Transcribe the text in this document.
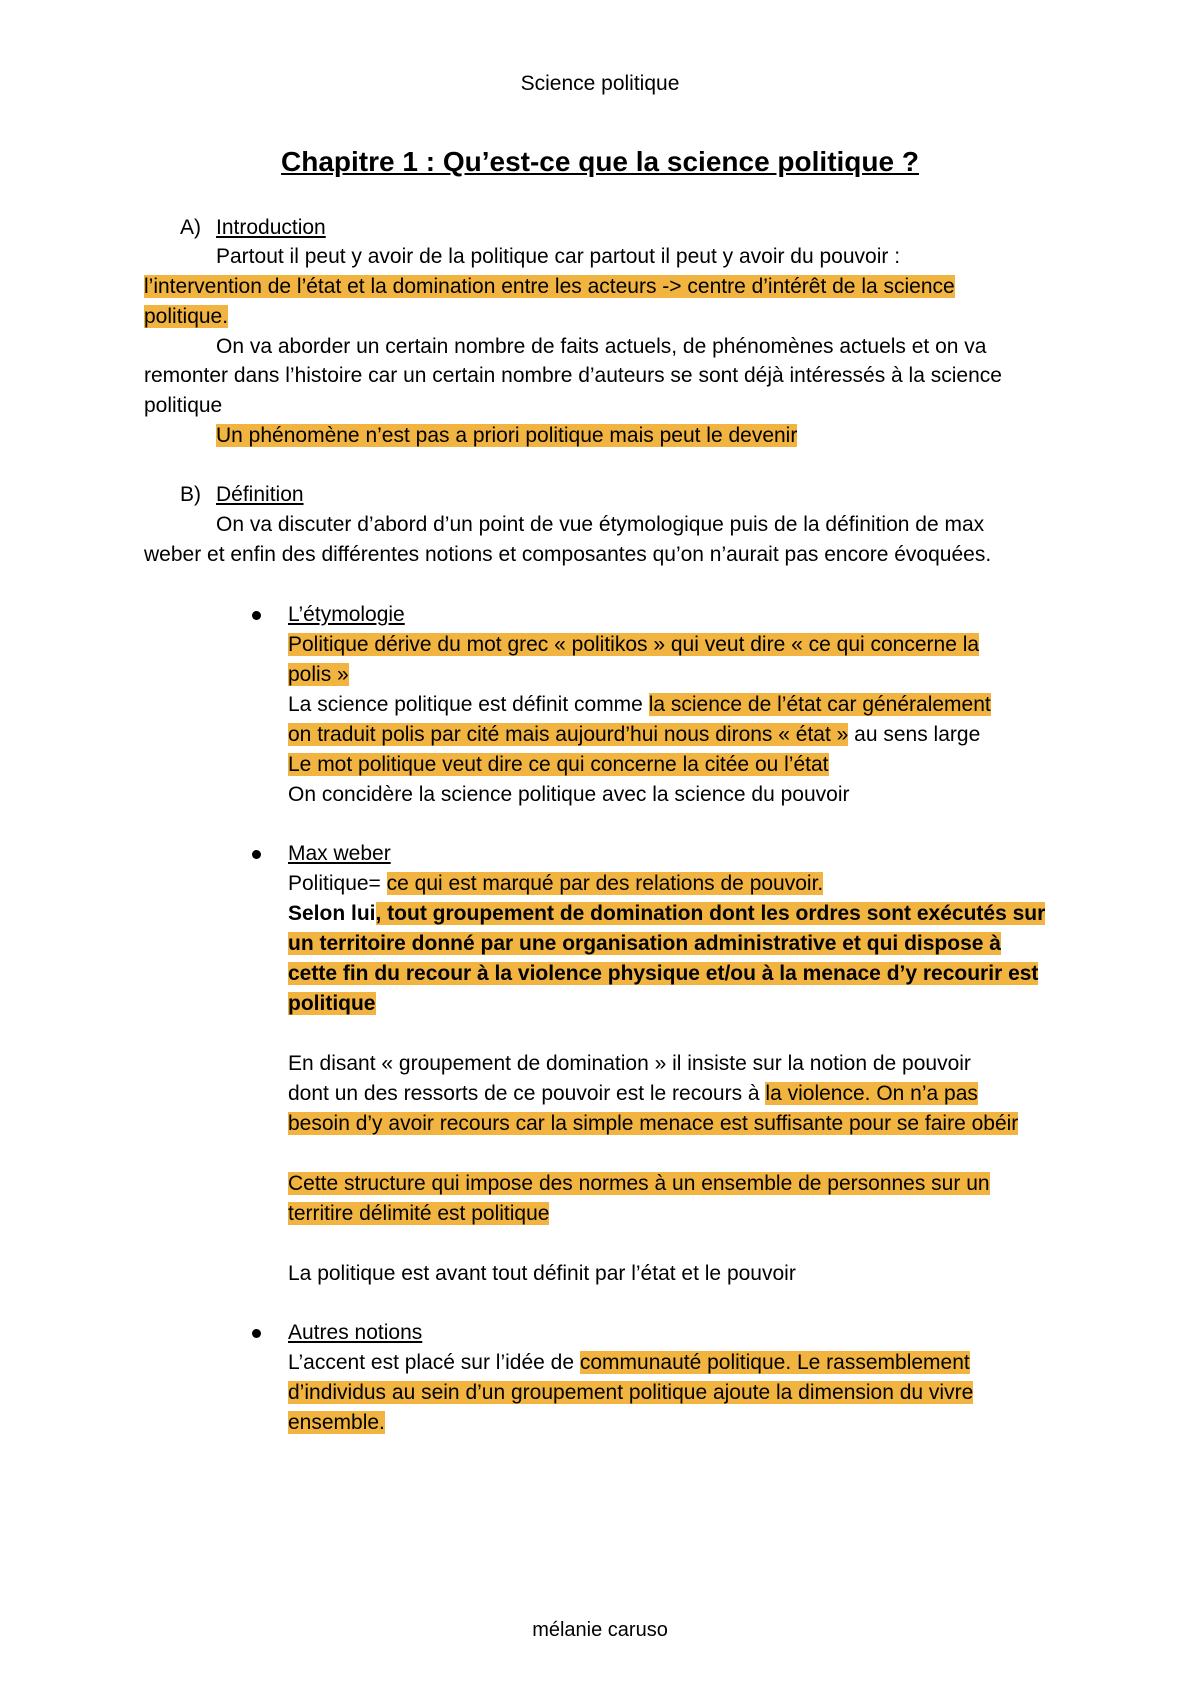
Science politique
Chapitre 1 : Qu’est-ce que la science politique ?
A) Introduction
Partout il peut y avoir de la politique car partout il peut y avoir du pouvoir :
l’intervention de l’état et la domination entre les acteurs -> centre d’intérêt de la science
politique.
On va aborder un certain nombre de faits actuels, de phénomènes actuels et on va
remonter dans l’histoire car un certain nombre d’auteurs se sont déjà intéressés à la science
politique
Un phénomène n’est pas a priori politique mais peut le devenir
B) Définition
On va discuter d’abord d’un point de vue étymologique puis de la définition de max
weber et enfin des différentes notions et composantes qu’on n’aurait pas encore évoquées.
L’étymologie
Politique dérive du mot grec « politikos » qui veut dire « ce qui concerne la
polis »
La science politique est définit comme la science de l’état car généralement
on traduit polis par cité mais aujourd’hui nous dirons « état » au sens large
Le mot politique veut dire ce qui concerne la citée ou l’état
On concidère la science politique avec la science du pouvoir
Max weber
Politique= ce qui est marqué par des relations de pouvoir.
Selon lui, tout groupement de domination dont les ordres sont exécutés sur
un territoire donné par une organisation administrative et qui dispose à
cette fin du recour à la violence physique et/ou à la menace d’y recourir est
politique
En disant « groupement de domination » il insiste sur la notion de pouvoir
dont un des ressorts de ce pouvoir est le recours à la violence. On n’a pas
besoin d’y avoir recours car la simple menace est suffisante pour se faire obéir
Cette structure qui impose des normes à un ensemble de personnes sur un
territire délimité est politique
La politique est avant tout définit par l’état et le pouvoir
Autres notions
L’accent est placé sur l’idée de communauté politique. Le rassemblement
d’individus au sein d’un groupement politique ajoute la dimension du vivre
ensemble.
mélanie caruso
